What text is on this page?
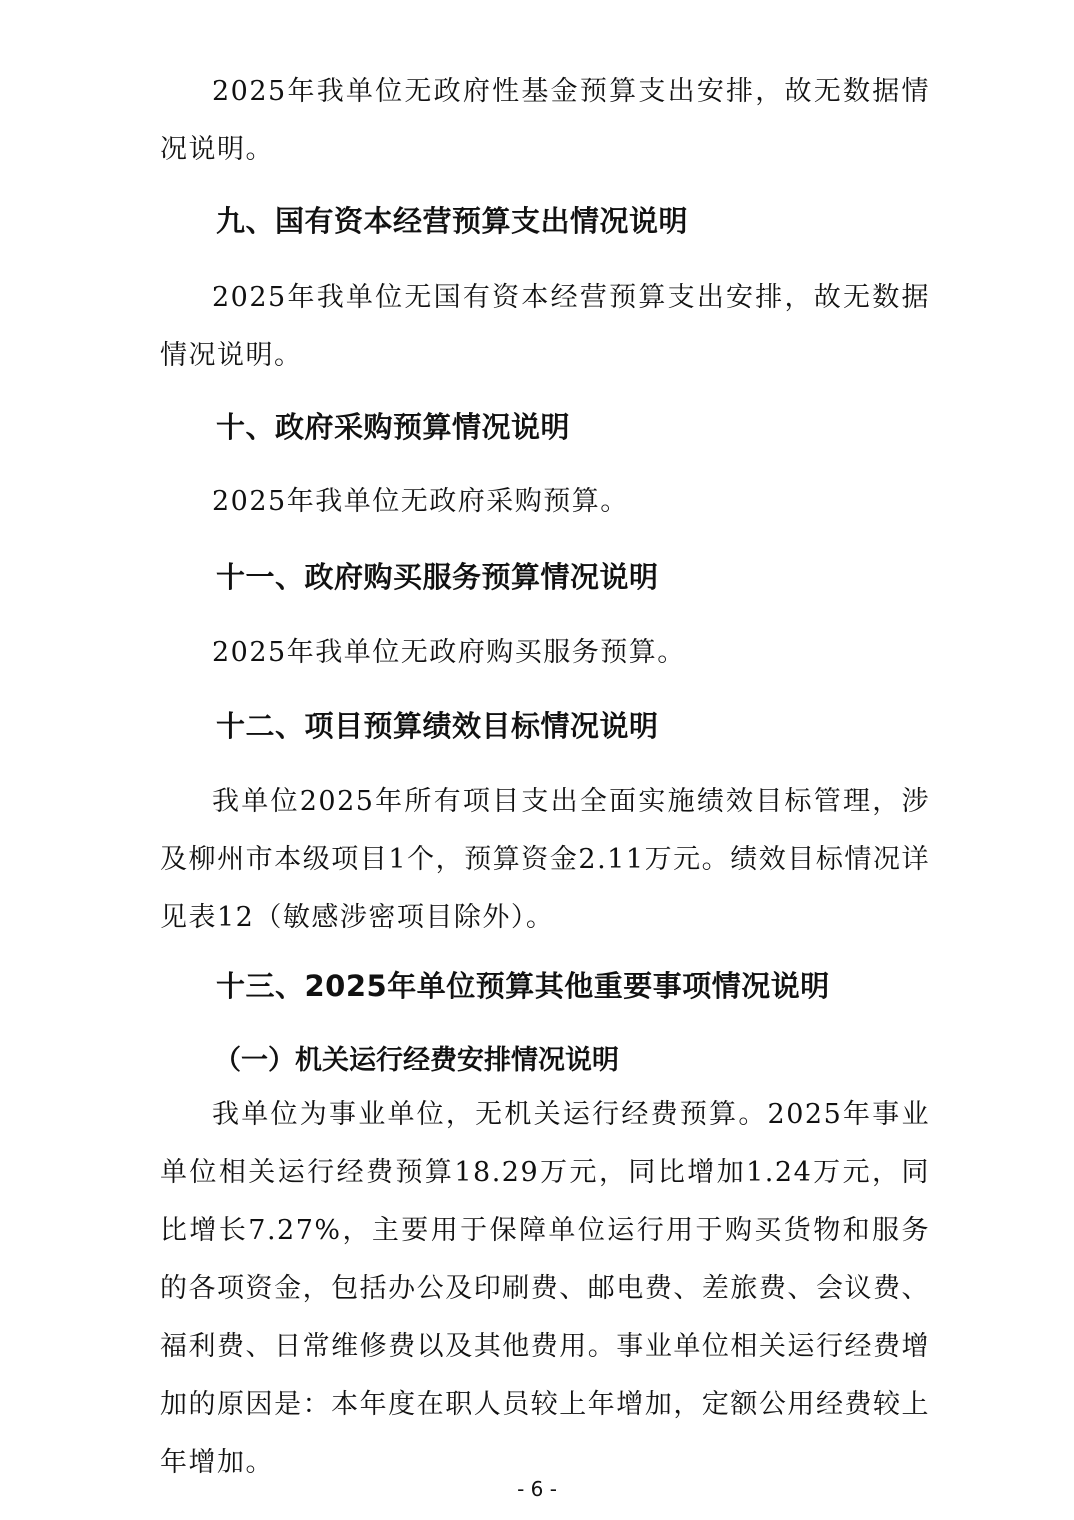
2025年我单位无政府性基金预算支出安排，故无数据情况说明。

九、国有资本经营预算支出情况说明

2025年我单位无国有资本经营预算支出安排，故无数据情况说明。

十、政府采购预算情况说明

2025年我单位无政府采购预算。

十一、政府购买服务预算情况说明

2025年我单位无政府购买服务预算。

十二、项目预算绩效目标情况说明

我单位2025年所有项目支出全面实施绩效目标管理，涉及柳州市本级项目1个，预算资金2.11万元。绩效目标情况详见表12（敏感涉密项目除外）。

十三、2025年单位预算其他重要事项情况说明
（一）机关运行经费安排情况说明

我单位为事业单位，无机关运行经费预算。2025年事业单位相关运行经费预算18.29万元，同比增加1.24万元，同比增长7.27%，主要用于保障单位运行用于购买货物和服务的各项资金，包括办公及印刷费、邮电费、差旅费、会议费、福利费、日常维修费以及其他费用。事业单位相关运行经费增加的原因是：本年度在职人员较上年增加，定额公用经费较上年增加。

- 6 -
